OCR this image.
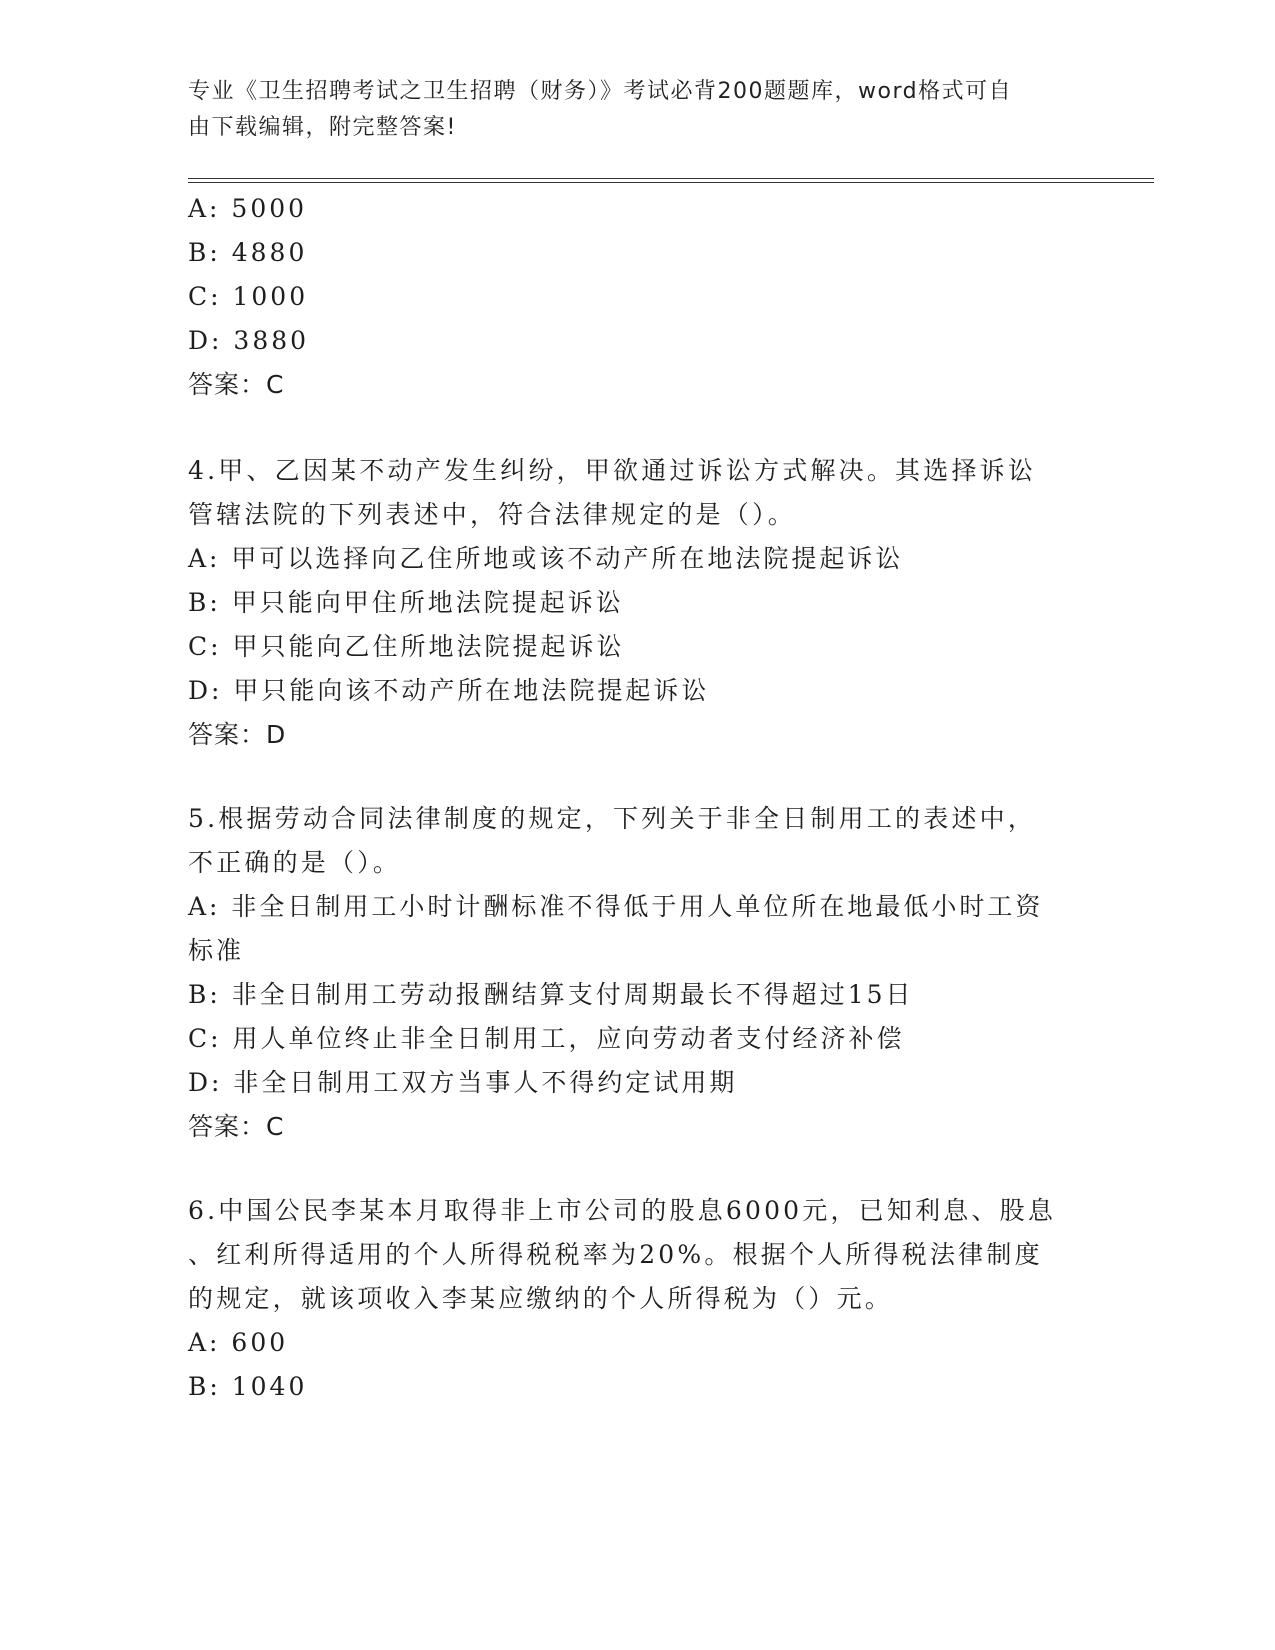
专业《卫生招聘考试之卫生招聘（财务）》考试必背200题题库，word格式可自
由下载编辑，附完整答案!
A: 5000
B: 4880
C: 1000
D: 3880
答案：C
4.甲、乙因某不动产发生纠纷，甲欲通过诉讼方式解决。其选择诉讼
管辖法院的下列表述中，符合法律规定的是（）。
A: 甲可以选择向乙住所地或该不动产所在地法院提起诉讼
B: 甲只能向甲住所地法院提起诉讼
C: 甲只能向乙住所地法院提起诉讼
D: 甲只能向该不动产所在地法院提起诉讼
答案：D
5.根据劳动合同法律制度的规定，下列关于非全日制用工的表述中，
不正确的是（）。
A: 非全日制用工小时计酬标准不得低于用人单位所在地最低小时工资
标准
B: 非全日制用工劳动报酬结算支付周期最长不得超过15日
C: 用人单位终止非全日制用工，应向劳动者支付经济补偿
D: 非全日制用工双方当事人不得约定试用期
答案：C
6.中国公民李某本月取得非上市公司的股息6000元，已知利息、股息
、红利所得适用的个人所得税税率为20%。根据个人所得税法律制度
的规定，就该项收入李某应缴纳的个人所得税为（）元。
A: 600
B: 1040
